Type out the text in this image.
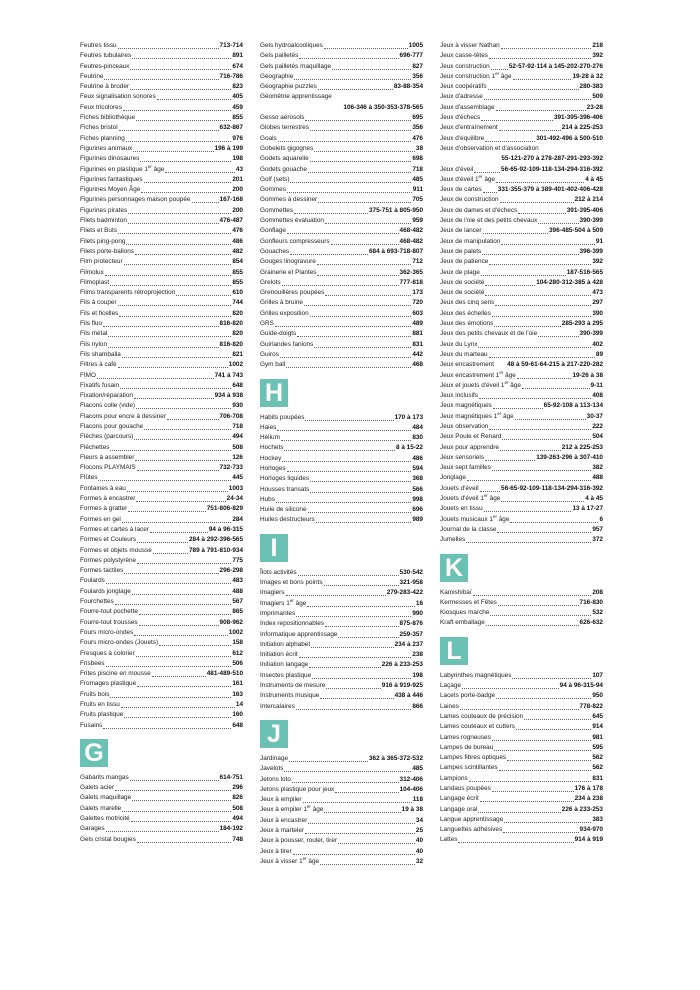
Feutres tissu	713-714
Feutres tubulaires	891
Feutres-pinceaux	674
Feutrine	716-786
Feutrine à broder	823
Feux signalisation sonores	405
Feux tricolores	459
Fiches bibliothèque	855
Fiches bristol	632-867
Fiches planning	976
Figurines animaux	196 à 199
Figurines dinosaures	198
Figurines en plastique 1er âge	43
Figurines fantastiques	201
Figurines Moyen Âge	200
Figurines personnages maison poupée	167-168
Figurines pirates	200
Filets badminton	476-487
Filets et Buts	476
Filets ping-pong	486
Filets porte-ballons	482
Film protecteur	854
Filmolux	855
Filmoplast	855
Films transparents rétroprojection	610
Fils à couper	744
Fils et ficelles	820
Fils fluo	816-820
Fils métal	820
Fils nylon	816-820
Fils shamballa	821
Filtres à café	1002
FIMO	741 à 743
Fixatifs fusain	648
Fixation/réparation	934 à 938
Flacons colle (vide)	930
Flacons pour encre à dessiner	706-708
Flacons pour gouache	718
Flèches (parcours)	494
Fléchettes	508
Fleurs à assembler	126
Flocons PLAYMAIS	732-733
Flûtes	445
Fontaines à eau	1003
Formes à encastrer	24-34
Formes à gratter	751-806-829
Formes en gel	284
Formes et cartes à lacer	94 à 96-315
Formes et Couleurs	284 à 292-396-565
Formes et objets mousse	789 à 791-810-934
Formes polystyrène	775
Formes tactiles	296-298
Foulards	483
Foulards jonglage	488
Fourchettes	567
Fourre-tout pochette	865
Fourre-tout trousses	908-962
Fours micro-ondes	1002
Fours micro-ondes (Jouets)	158
Fresques à colorier	612
Frisbees	506
Frites piscine en mousse	481-489-510
Fromages plastique	161
Fruits bois	163
Fruits en tissu	14
Fruits plastique	160
Fusains	648
G
Gabarits mangas	614-751
Galets acier	296
Galets maquillage	826
Galets marelle	508
Galettes motricité	494
Garages	184-192
Gels cristal bougies	748
Gels hydroalcooliques	1005
Gels pailletés	696-777
Gels pailletés maquillage	827
Géographie	356
Géographie puzzles	83-88-354
Géométrie apprentissage
106-346 à 350-353-378-565
Gesso aérosols	695
Globes terrestres	356
Goals	476
Gobelets gigognes	38
Godets aquarelle	698
Godets gouache	718
Golf (sets)	485
Gommes	911
Gommes à dessiner	705
Gommettes	375-751 à 805-950
Gommettes évaluation	959
Gonflage	468-482
Gonfleurs compresseurs	468-482
Gouaches	684 à 693-718-807
Gouges linogravure	712
Grainerie et Plantes	362-365
Grelots	777-818
Grenouillères poupées	173
Grilles à bruine	720
Grilles exposition	603
GRS	489
Guide-doigts	881
Guirlandes fanions	831
Guiros	442
Gym ball	468
H
Habits poupées	170 à 173
Haies	484
Hélium	830
Hochets	8 à 15-22
Hockey	486
Horloges	594
Horloges liquides	368
Housses transats	566
Hubs	998
Huile de silicone	696
Huiles destructeurs	989
I
Îlots activités	530-542
Images et bons points	321-958
Imagiers	279-283-422
Imagiers 1er âge	16
Imprimantes	990
Index repositionnables	875-876
Informatique apprentissage	259-357
Initiation alphabet	234 à 237
Initiation écrit	238
Initiation langage	226 à 233-253
Insectes plastique	198
Instruments de mesure	916 à 919-925
Instruments musique	438 à 446
Intercalaires	866
J
Jardinage	362 à 365-372-532
Javelots	485
Jetons loto	312-406
Jetons plastique pour jeux	104-406
Jeux à empiler	118
Jeux à empiler 1er âge	19 à 38
Jeux à encastrer	34
Jeux à marteler	25
Jeux à pousser, rouler, tirer	40
Jeux à tirer	40
Jeux à visser 1er âge	32
Jeux à visser Nathan	218
Jeux casse-têtes	392
Jeux construction	52-57-92-114 à 145-202-270-276
Jeux construction 1er âge	19-28 à 32
Jeux coopératifs	280-383
Jeux d'adresse	509
Jeux d'assemblage	23-28
Jeux d'échecs	391-395-396-406
Jeux d'entraînement	214 à 225-253
Jeux d'équilibre	301-492-496 à 500-510
Jeux d'observation et d'association
55-121-270 à 278-287-291-293-392
Jeux d'éveil	56-65-92-109-118-134-294-316-392
Jeux d'éveil 1er âge	4 à 45
Jeux de cartes	331-355-379 à 389-401-402-406-428
Jeux de construction	212 à 214
Jeux de dames et d'échecs	391-395-406
Jeux de l'oie et des petits chevaux	390-399
Jeux de lancer	396-485-504 à 509
Jeux de manipulation	91
Jeux de palets	396-399
Jeux de patience	392
Jeux de plage	187-516-565
Jeux de société	104-280-312-385 à 428
Jeux de société	473
Jeux des cinq sens	297
Jeux des échelles	390
Jeux des émotions	285-293 à 295
Jeux des petits chevaux et de l'oie	390-399
Jeux du Lynx	402
Jeux du marteau	89
Jeux encastrement	48 à 59-61-64-215 à 217-220-282
Jeux encastrement 1er âge	19-26 à 38
Jeux et jouets d'éveil 1er âge	9-11
Jeux inclusifs	408
Jeux magnétiques	65-92-108 à 113-134
Jeux magnétiques 1er âge	30-37
Jeux observation	222
Jeux Poule et Renard	504
Jeux pour apprendre	212 à 225-253
Jeux sensoriels	139-263-296 à 307-410
Jeux sept familles	382
Jonglage	488
Jouets d'éveil	56-65-92-109-118-134-294-316-392
Jouets d'éveil 1er âge	4 à 45
Jouets en tissu	13 à 17-27
Jouets musicaux 1er âge	6
Journal de la classe	957
Jumelles	372
K
Kamishibaï	208
Kermesses et Fêtes	716-830
Kiosques marché	532
Kraft emballage	626-632
L
Labyrinthes magnétiques	107
Laçage	94 à 96-315-94
Lacets porte-badge	950
Laines	778-822
Lames couteaux de précision	645
Lames couteaux et cutters	914
Lames rogneuses	981
Lampes de bureau	595
Lampes fibres optiques	562
Lampes scintillantes	562
Lampions	831
Landaus poupées	176 à 178
Langage écrit	234 à 238
Langage oral	226 à 233-253
Langue apprentissage	383
Languettes adhésives	934-970
Lattes	914 à 919
